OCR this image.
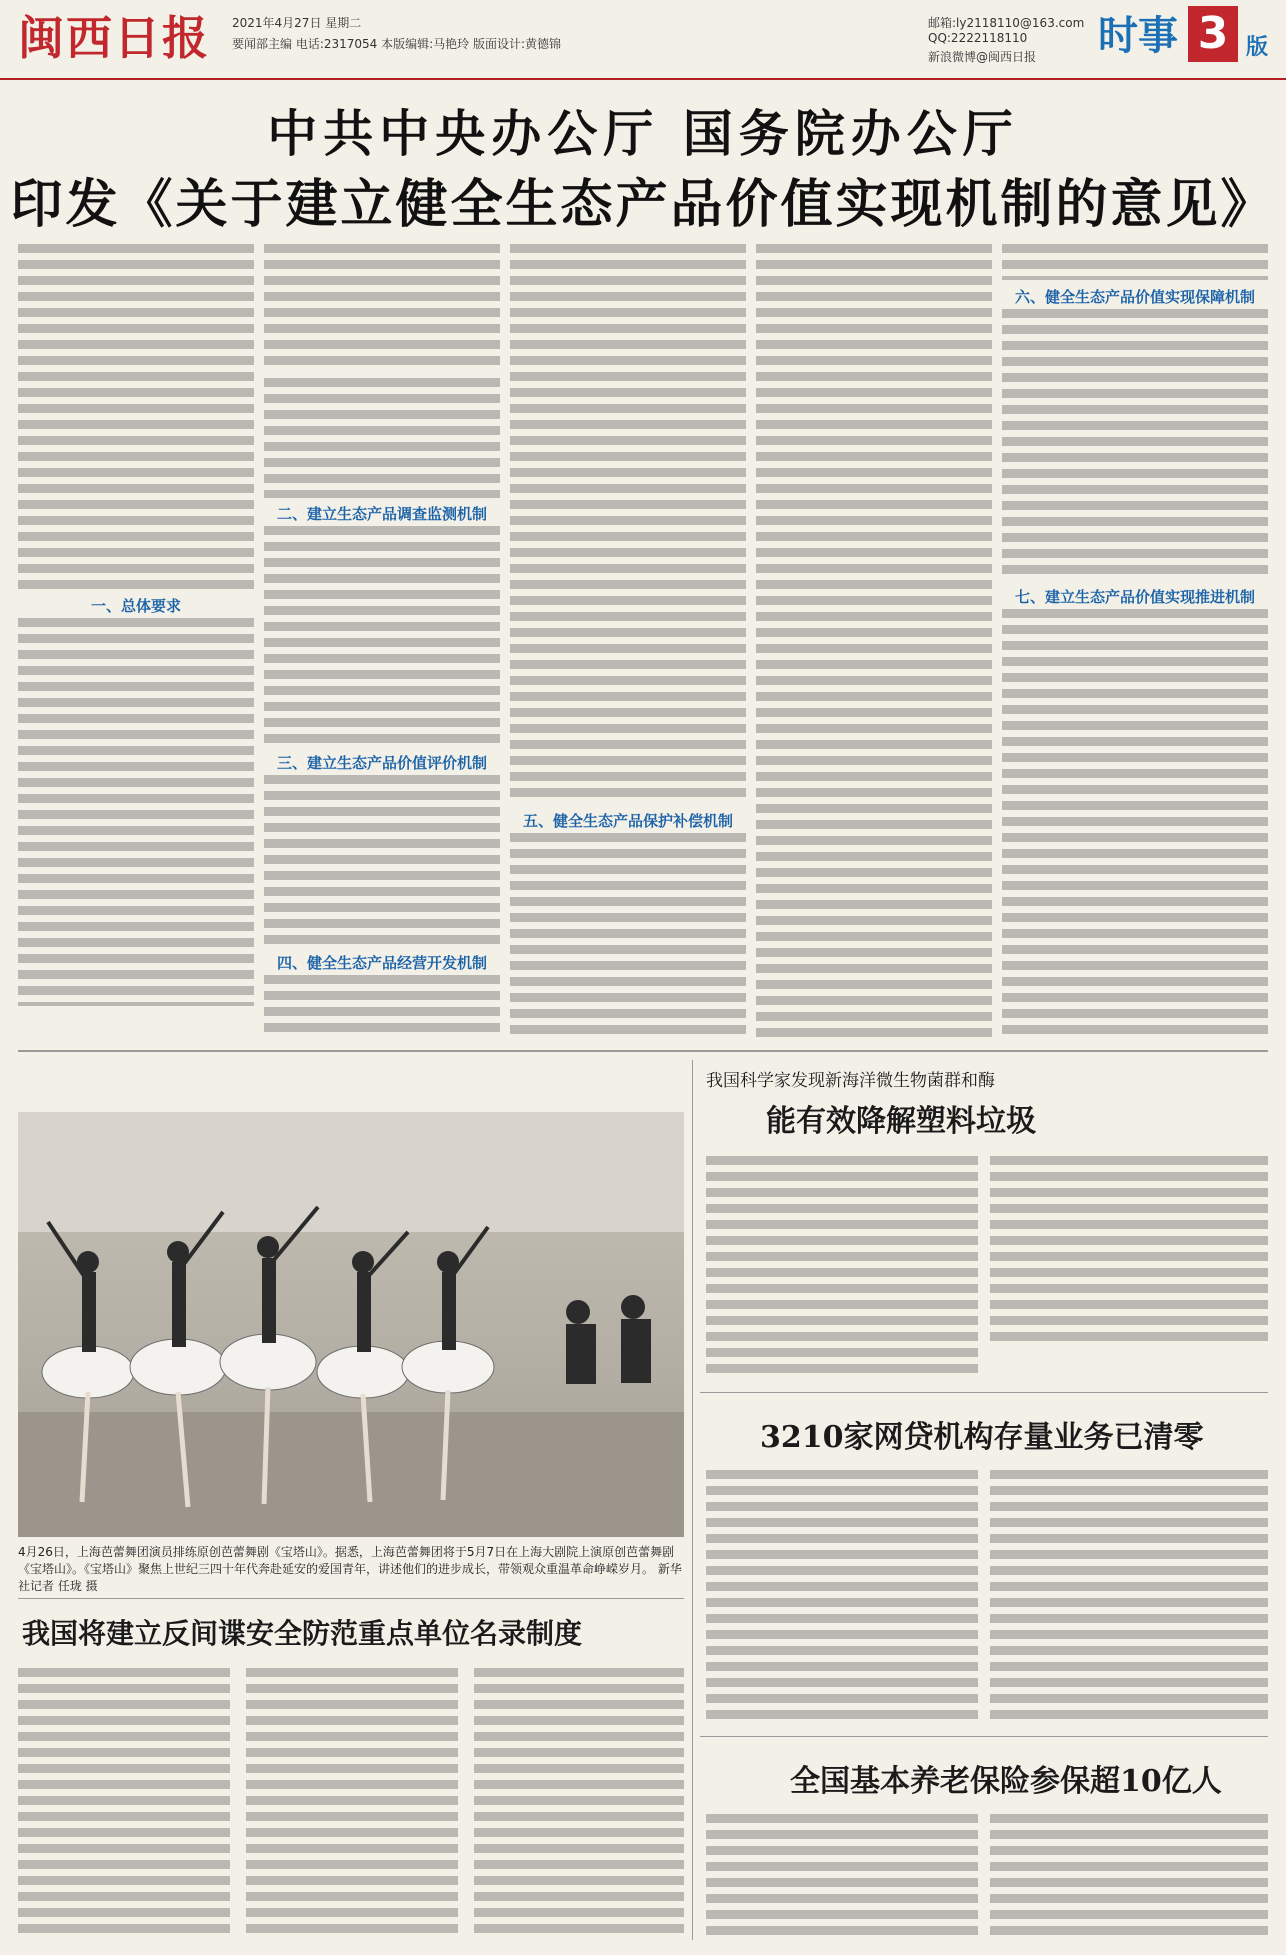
闽西日报 2021年4月27日 星期二
要闻部主编 电话:2317054 本版编辑:马艳玲 版面设计:黄德锦
邮箱:ly2118110@163.com
QQ:2222118110
新浪微博@闽西日报 时事 3 版
中共中央办公厅 国务院办公厅
印发《关于建立健全生态产品价值实现机制的意见》
一、总体要求
二、建立生态产品调查监测机制
三、建立生态产品价值评价机制
四、健全生态产品经营开发机制
五、健全生态产品保护补偿机制
六、健全生态产品价值实现保障机制
七、建立生态产品价值实现推进机制
4月26日，上海芭蕾舞团演员排练原创芭蕾舞剧《宝塔山》。据悉，上海芭蕾舞团将于5月7日在上海大剧院上演原创芭蕾舞剧《宝塔山》。《宝塔山》聚焦上世纪三四十年代奔赴延安的爱国青年，讲述他们的进步成长，带领观众重温革命峥嵘岁月。 新华社记者 任珑 摄
我国科学家发现新海洋微生物菌群和酶
能有效降解塑料垃圾
3210家网贷机构存量业务已清零
全国基本养老保险参保超10亿人
我国将建立反间谍安全防范重点单位名录制度
